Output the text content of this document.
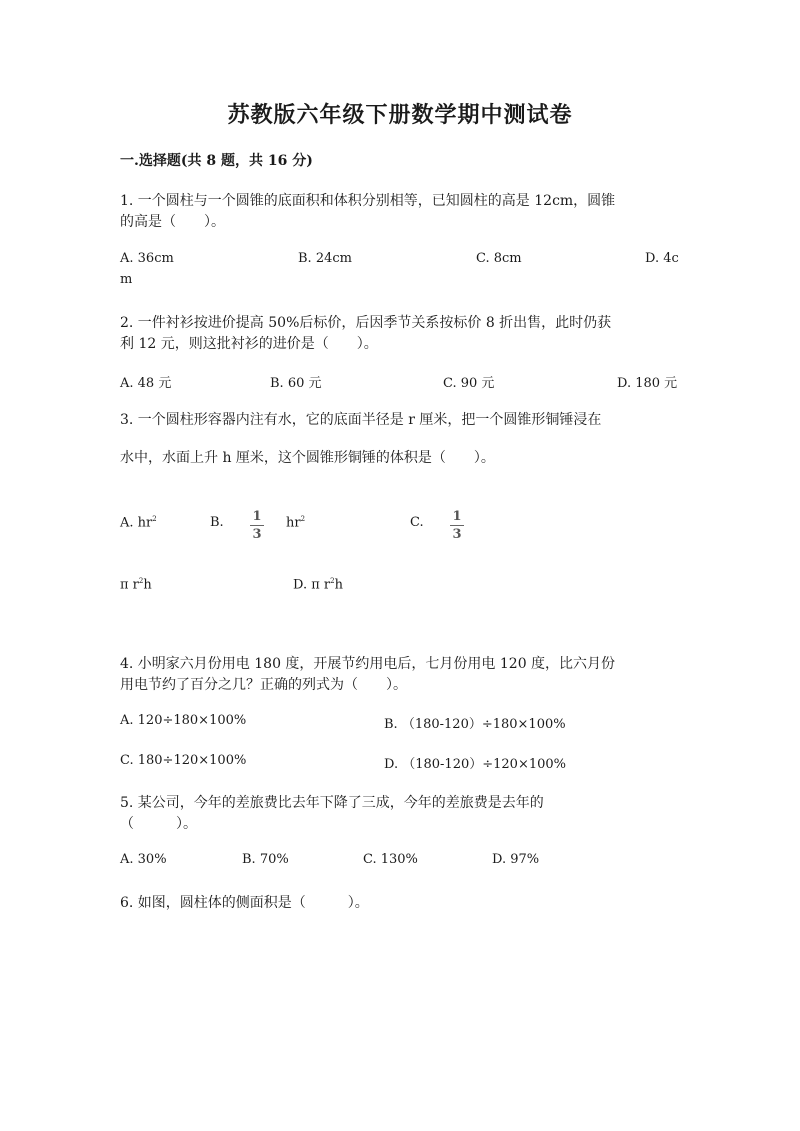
苏教版六年级下册数学期中测试卷
一.选择题(共 8 题，共 16 分)
1. 一个圆柱与一个圆锥的底面积和体积分别相等，已知圆柱的高是 12cm，圆锥
的高是（　　）。
A. 36cm	B. 24cm	C. 8cm	D. 4c
m
2. 一件衬衫按进价提高 50%后标价，后因季节关系按标价 8 折出售，此时仍获
利 12 元，则这批衬衫的进价是（　　）。
A. 48 元	B. 60 元	C. 90 元	D. 180 元
3. 一个圆柱形容器内注有水，它的底面半径是 r 厘米，把一个圆锥形铜锤浸在
水中，水面上升 h 厘米，这个圆锥形铜锤的体积是（　　）。
A. $hr^2$	B. 1
3
$hr^2$	C. 1
3
π $r^2h$	D. π $r^2h$
4. 小明家六月份用电 180 度，开展节约用电后，七月份用电 120 度，比六月份
用电节约了百分之几？正确的列式为（　　）。
A. 120÷180×100%	B. （180-120）÷180×100%
C. 180÷120×100%	D. （180-120）÷120×100%
5. 某公司，今年的差旅费比去年下降了三成，今年的差旅费是去年的
（　　　）。
A. 30%	B. 70%	C. 130%	D. 97%
6. 如图，圆柱体的侧面积是（　　　）。
